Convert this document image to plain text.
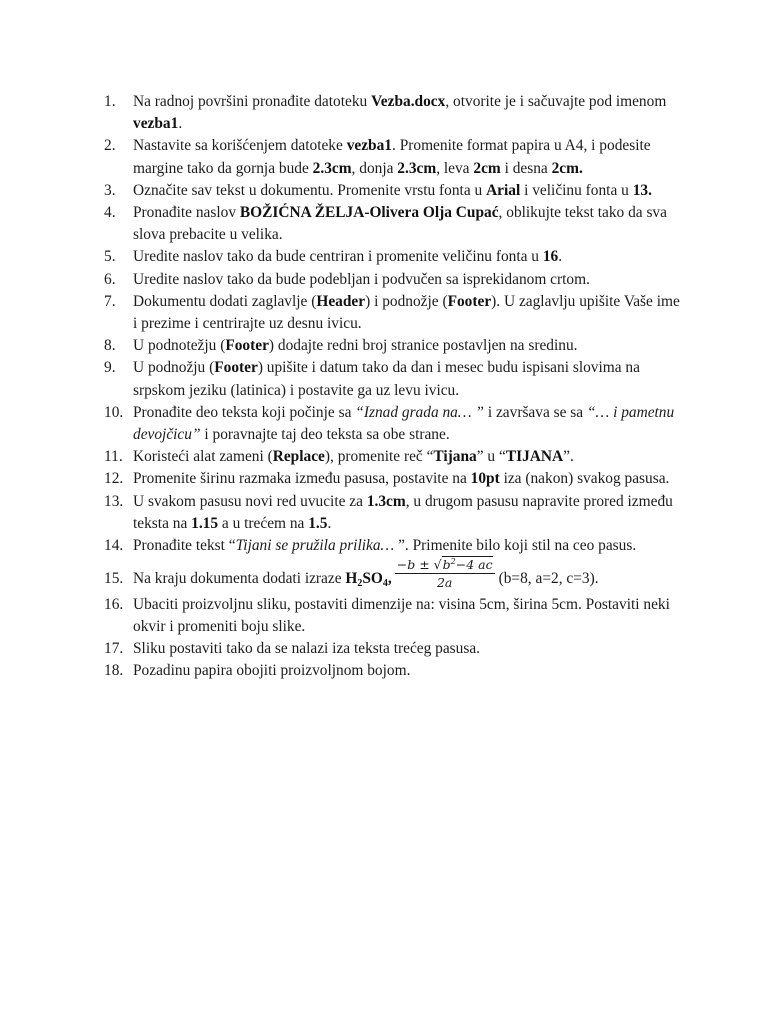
1.	Na radnoj površini pronađite datoteku Vezba.docx, otvorite je i sačuvajte pod imenom vezba1.
2.	Nastavite sa korišćenjem datoteke vezba1. Promenite format papira u A4, i podesite margine tako da gornja bude 2.3cm, donja 2.3cm, leva 2cm i desna 2cm.
3.	Označite sav tekst u dokumentu. Promenite vrstu fonta u Arial i veličinu fonta u 13.
4.	Pronađite naslov BOŽIĆNA ŽELJA-Olivera Olja Cupać, oblikujte tekst tako da sva slova prebacite u velika.
5.	Uredite naslov tako da bude centriran i promenite veličinu fonta u 16.
6.	Uredite naslov tako da bude podebljan i podvučen sa isprekidanom crtom.
7.	Dokumentu dodati zaglavlje (Header) i podnožje (Footer). U zaglavlju upišite Vaše ime i prezime i centrirajte uz desnu ivicu.
8.	U podnotežju (Footer) dodajte redni broj stranice postavljen na sredinu.
9.	U podnožju (Footer) upišite i datum tako da dan i mesec budu ispisani slovima na srpskom jeziku (latinica) i postavite ga uz levu ivicu.
10. Pronađite deo teksta koji počinje sa “Iznad grada na… ” i završava se sa “… i pametnu devojčicu” i poravnajte taj deo teksta sa obe strane.
11. Koristeći alat zameni (Replace), promenite reč “Tijana” u “TIJANA”.
12. Promenite širinu razmaka između pasusa, postavite na 10pt iza (nakon) svakog pasusa.
13. U svakom pasusu novi red uvucite za 1.3cm, u drugom pasusu napravite prored između teksta na 1.15 a u trećem na 1.5.
14. Pronađite tekst “Tijani se pružila prilika… ”. Primenite bilo koji stil na ceo pasus.
15. Na kraju dokumenta dodati izraze $H_2SO_4$, $\frac{-b \pm √b^2-4 ac}{2a} (b=8$, a=2, c=3).
16. Ubaciti proizvoljnu sliku, postaviti dimenzije na: visina 5cm, širina 5cm. Postaviti neki okvir i promeniti boju slike.
17. Sliku postaviti tako da se nalazi iza teksta trećeg pasusa.
18. Pozadinu papira obojiti proizvoljnom bojom.
